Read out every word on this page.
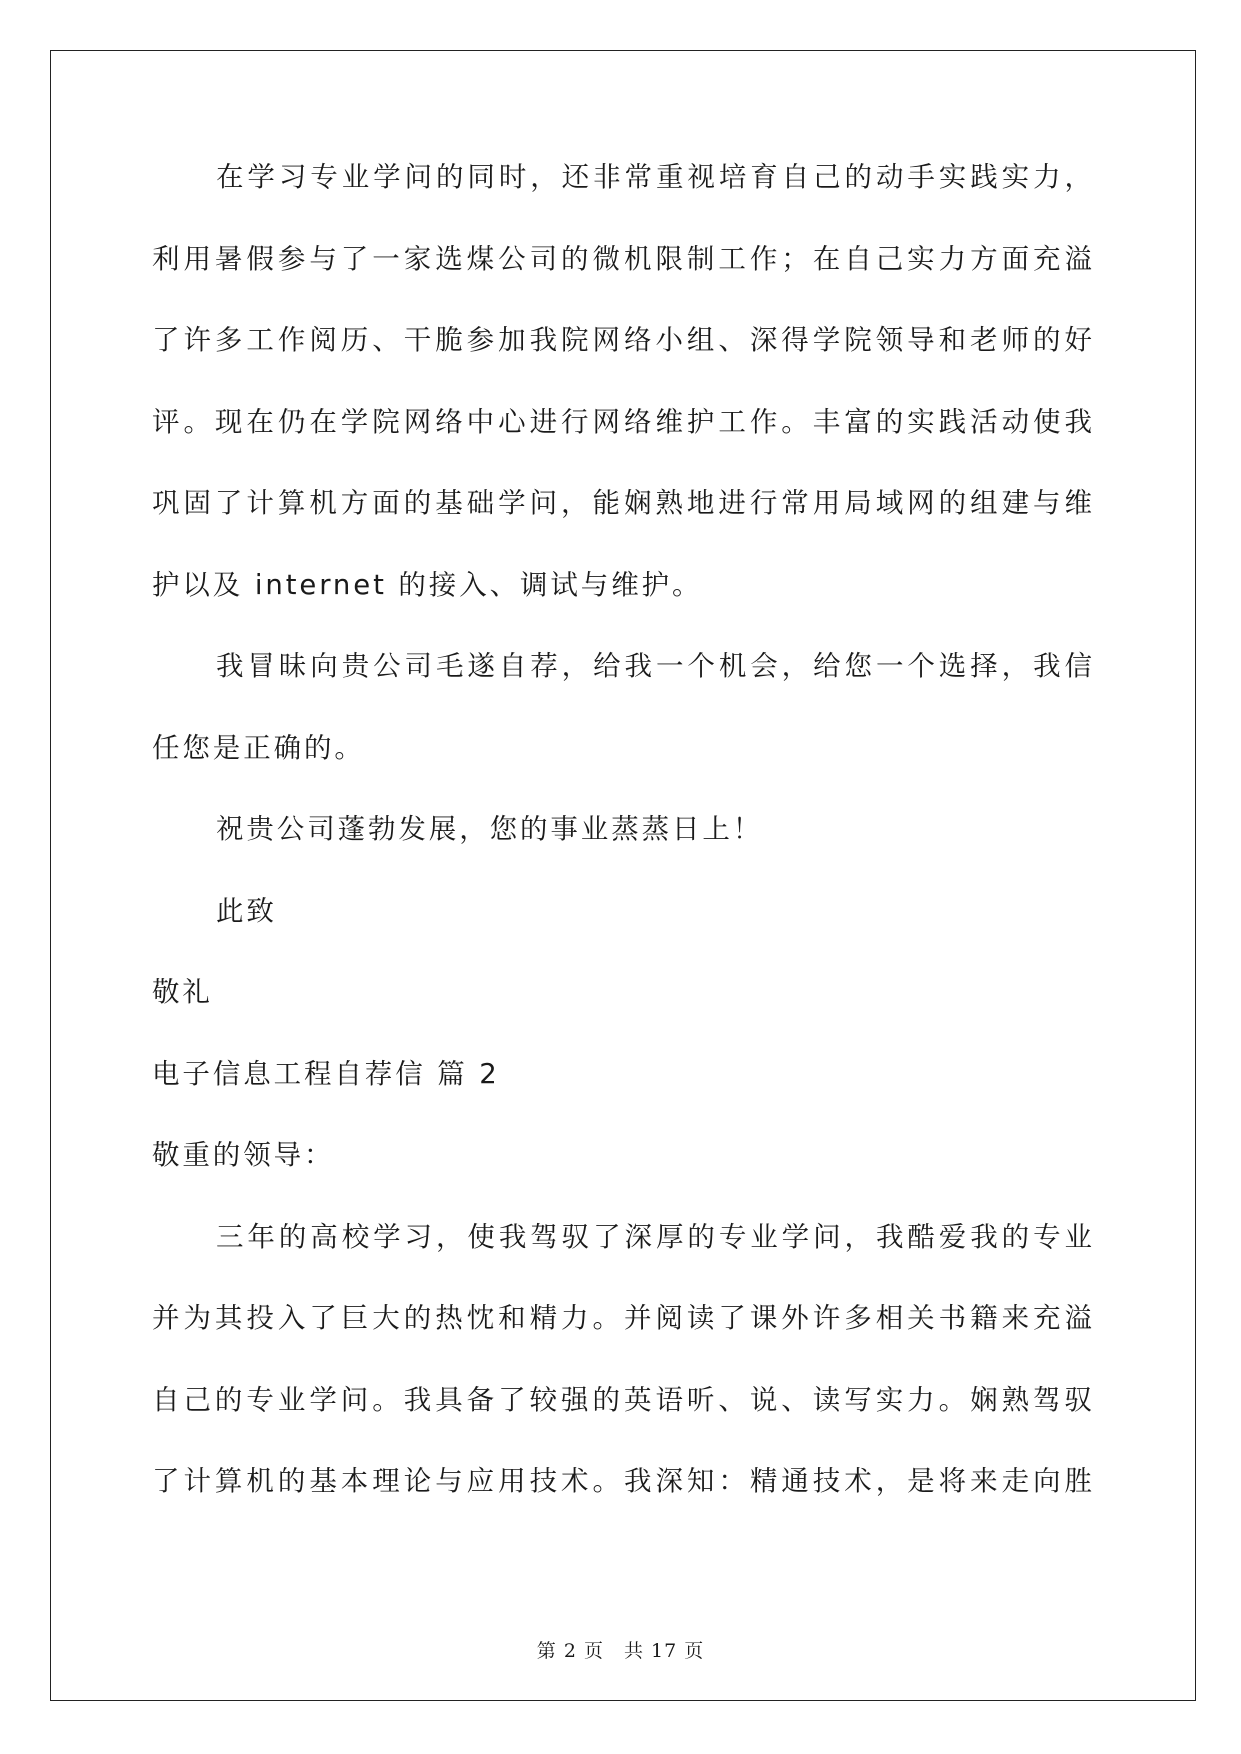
在学习专业学问的同时，还非常重视培育自己的动手实践实力，
利用暑假参与了一家选煤公司的微机限制工作；在自己实力方面充溢
了许多工作阅历、干脆参加我院网络小组、深得学院领导和老师的好
评。现在仍在学院网络中心进行网络维护工作。丰富的实践活动使我
巩固了计算机方面的基础学问，能娴熟地进行常用局域网的组建与维
护以及 internet 的接入、调试与维护。
我冒昧向贵公司毛遂自荐，给我一个机会，给您一个选择，我信
任您是正确的。
祝贵公司蓬勃发展，您的事业蒸蒸日上！
此致
敬礼
电子信息工程自荐信 篇 2
敬重的领导：
三年的高校学习，使我驾驭了深厚的专业学问，我酷爱我的专业
并为其投入了巨大的热忱和精力。并阅读了课外许多相关书籍来充溢
自己的专业学问。我具备了较强的英语听、说、读写实力。娴熟驾驭
了计算机的基本理论与应用技术。我深知：精通技术，是将来走向胜
第 2 页　共 17 页
